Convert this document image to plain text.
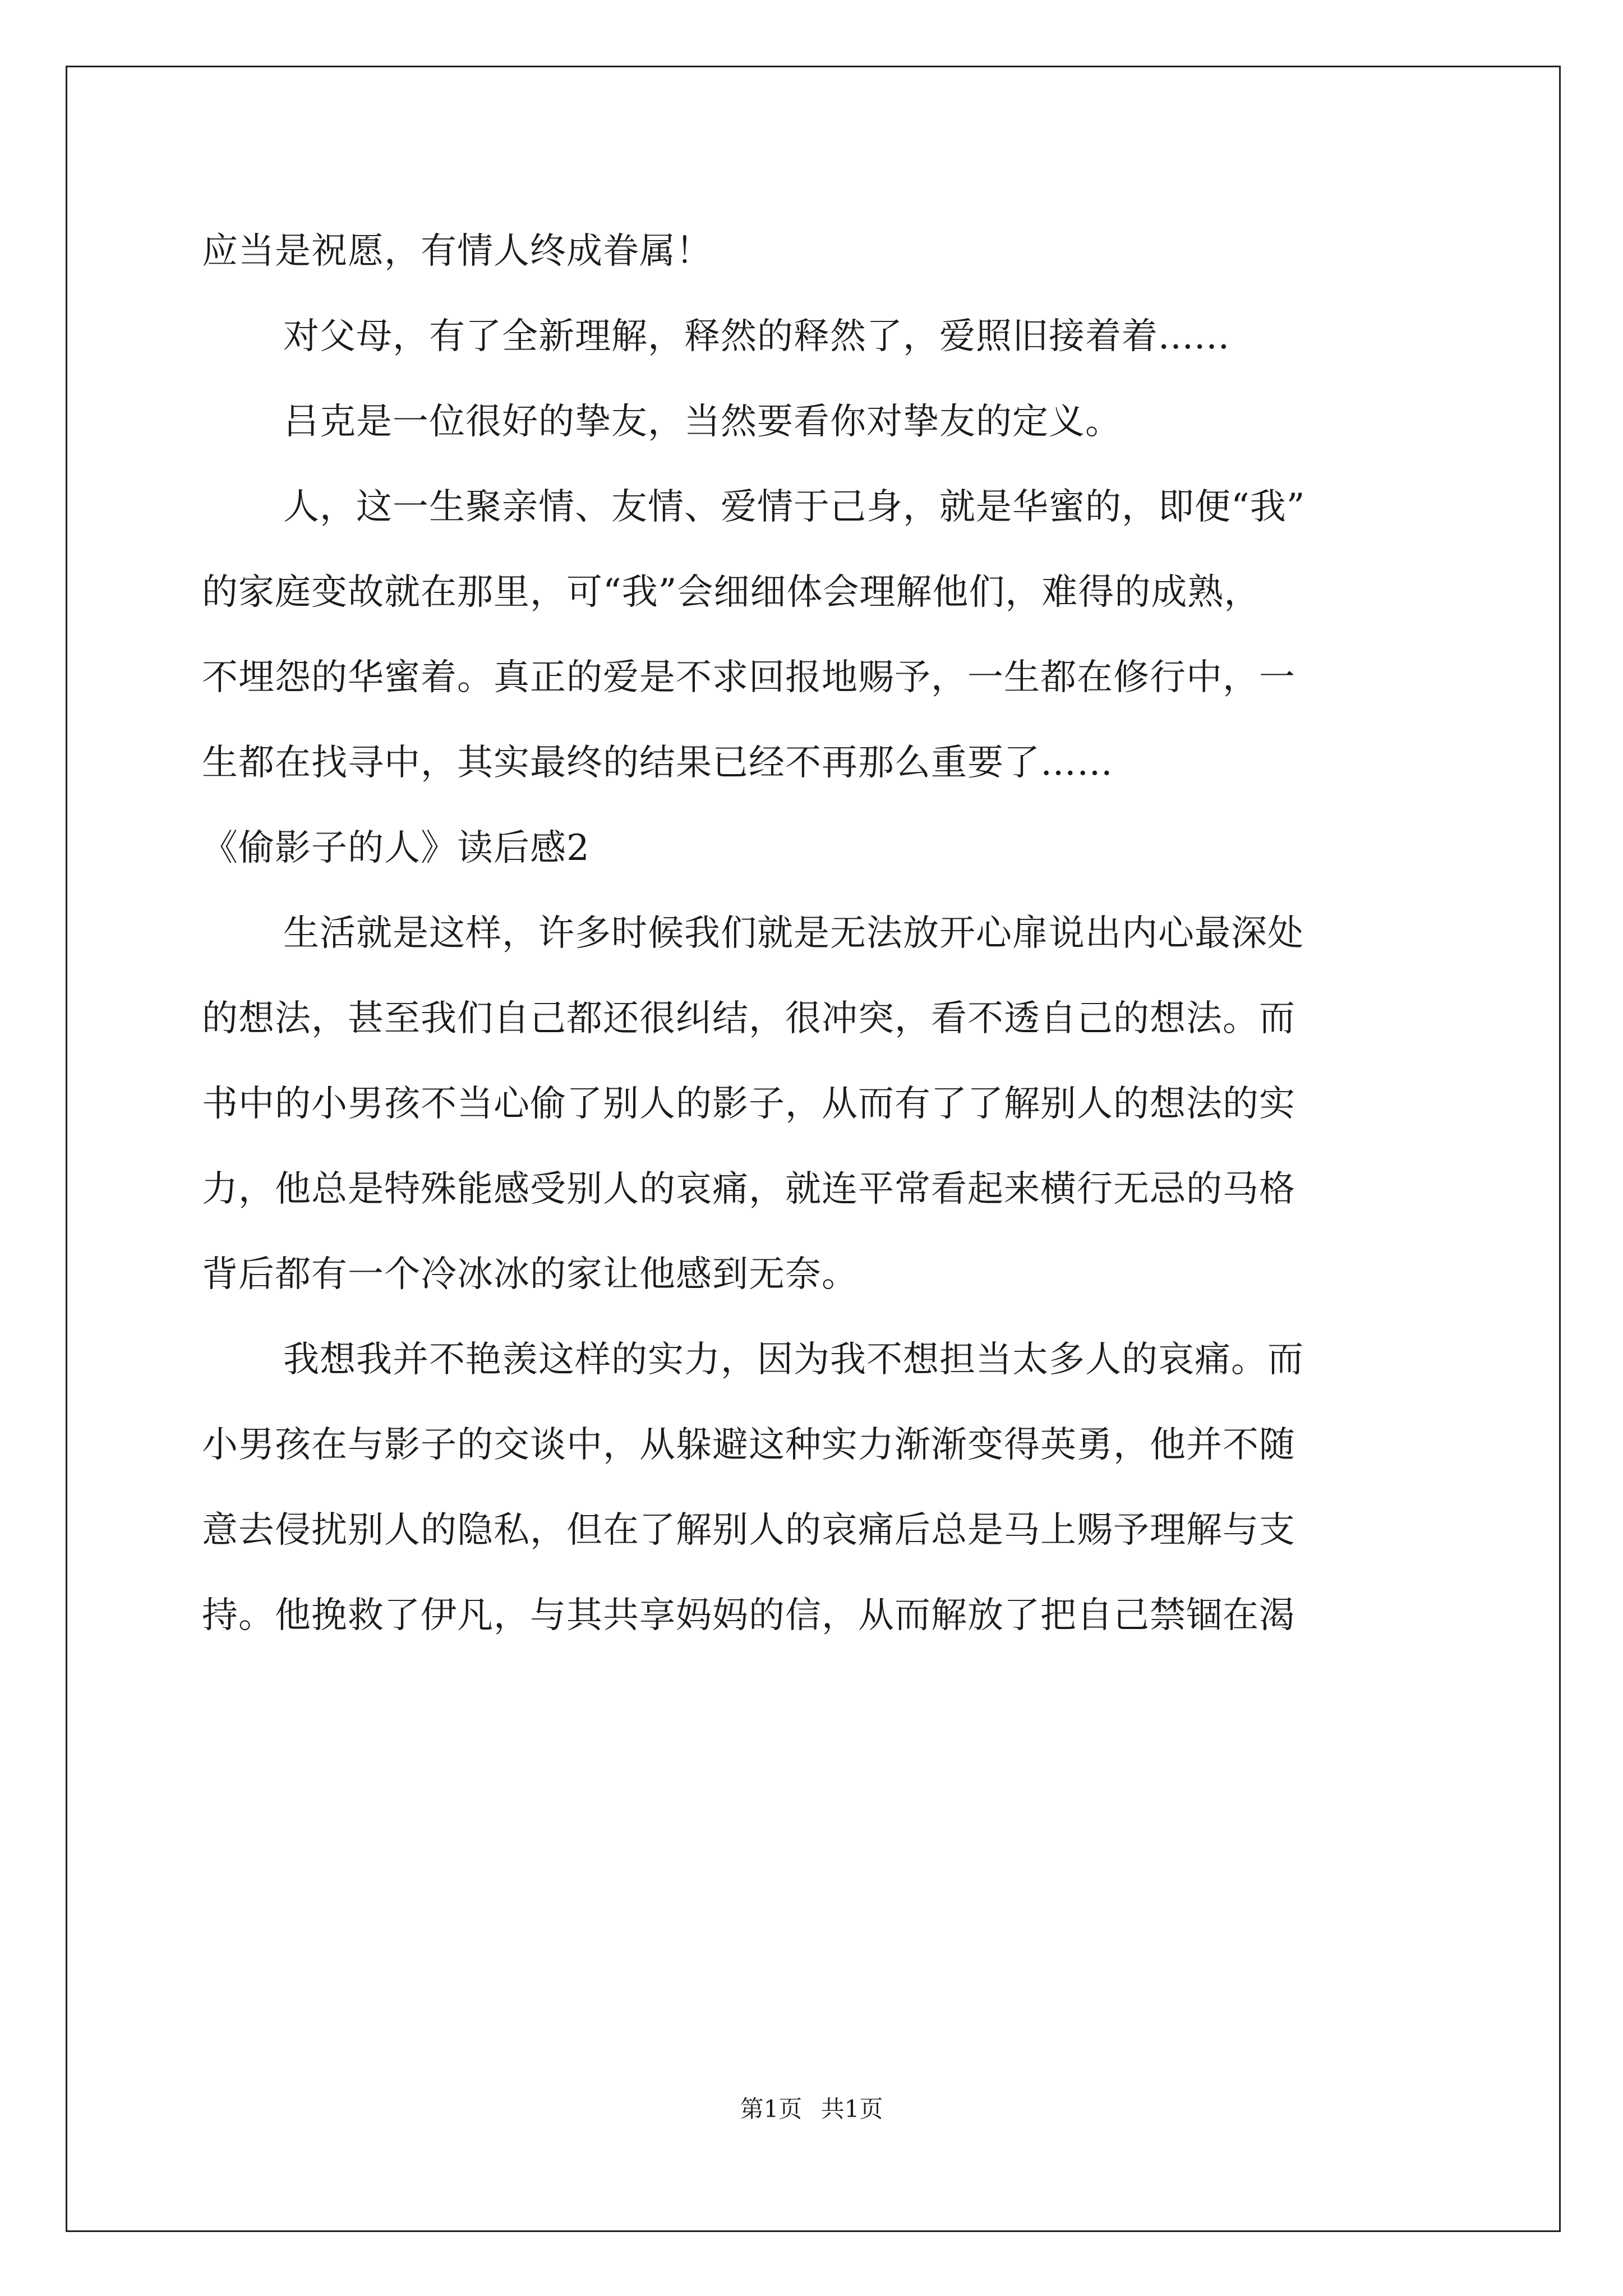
应当是祝愿，有情人终成眷属！
对父母，有了全新理解，释然的释然了，爱照旧接着着......
吕克是一位很好的挚友，当然要看你对挚友的定义。
人，这一生聚亲情、友情、爱情于己身，就是华蜜的，即便“我”
的家庭变故就在那里，可“我”会细细体会理解他们，难得的成熟，
不埋怨的华蜜着。真正的爱是不求回报地赐予，一生都在修行中，一
生都在找寻中，其实最终的结果已经不再那么重要了……
《偷影子的人》读后感2
生活就是这样，许多时候我们就是无法放开心扉说出内心最深处
的想法，甚至我们自己都还很纠结，很冲突，看不透自己的想法。而
书中的小男孩不当心偷了别人的影子，从而有了了解别人的想法的实
力，他总是特殊能感受别人的哀痛，就连平常看起来横行无忌的马格
背后都有一个冷冰冰的家让他感到无奈。
我想我并不艳羡这样的实力，因为我不想担当太多人的哀痛。而
小男孩在与影子的交谈中，从躲避这种实力渐渐变得英勇，他并不随
意去侵扰别人的隐私，但在了解别人的哀痛后总是马上赐予理解与支
持。他挽救了伊凡，与其共享妈妈的信，从而解放了把自己禁锢在渴
第1页 共1页
